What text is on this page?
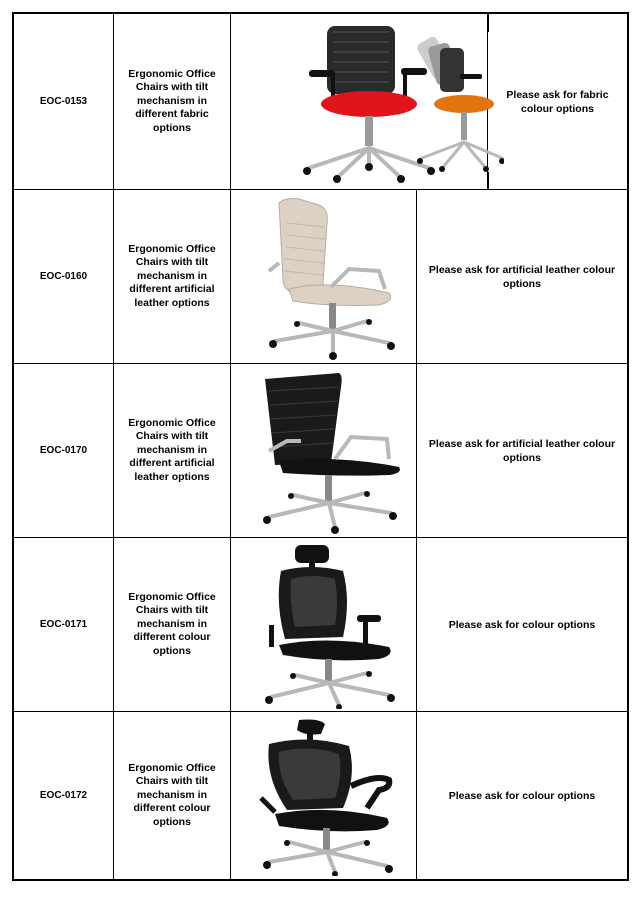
EOC-0153
Ergonomic Office Chairs with tilt mechanism in different fabric options
Please ask for fabric colour options
EOC-0160
Ergonomic Office Chairs with tilt mechanism in different artificial leather options
Please ask for artificial leather colour options
EOC-0170
Ergonomic Office Chairs with tilt mechanism in different artificial leather options
Please ask for artificial leather colour options
EOC-0171
Ergonomic Office Chairs with tilt mechanism in different colour options
Please ask for colour options
EOC-0172
Ergonomic Office Chairs with tilt mechanism in different colour options
Please ask for colour options
